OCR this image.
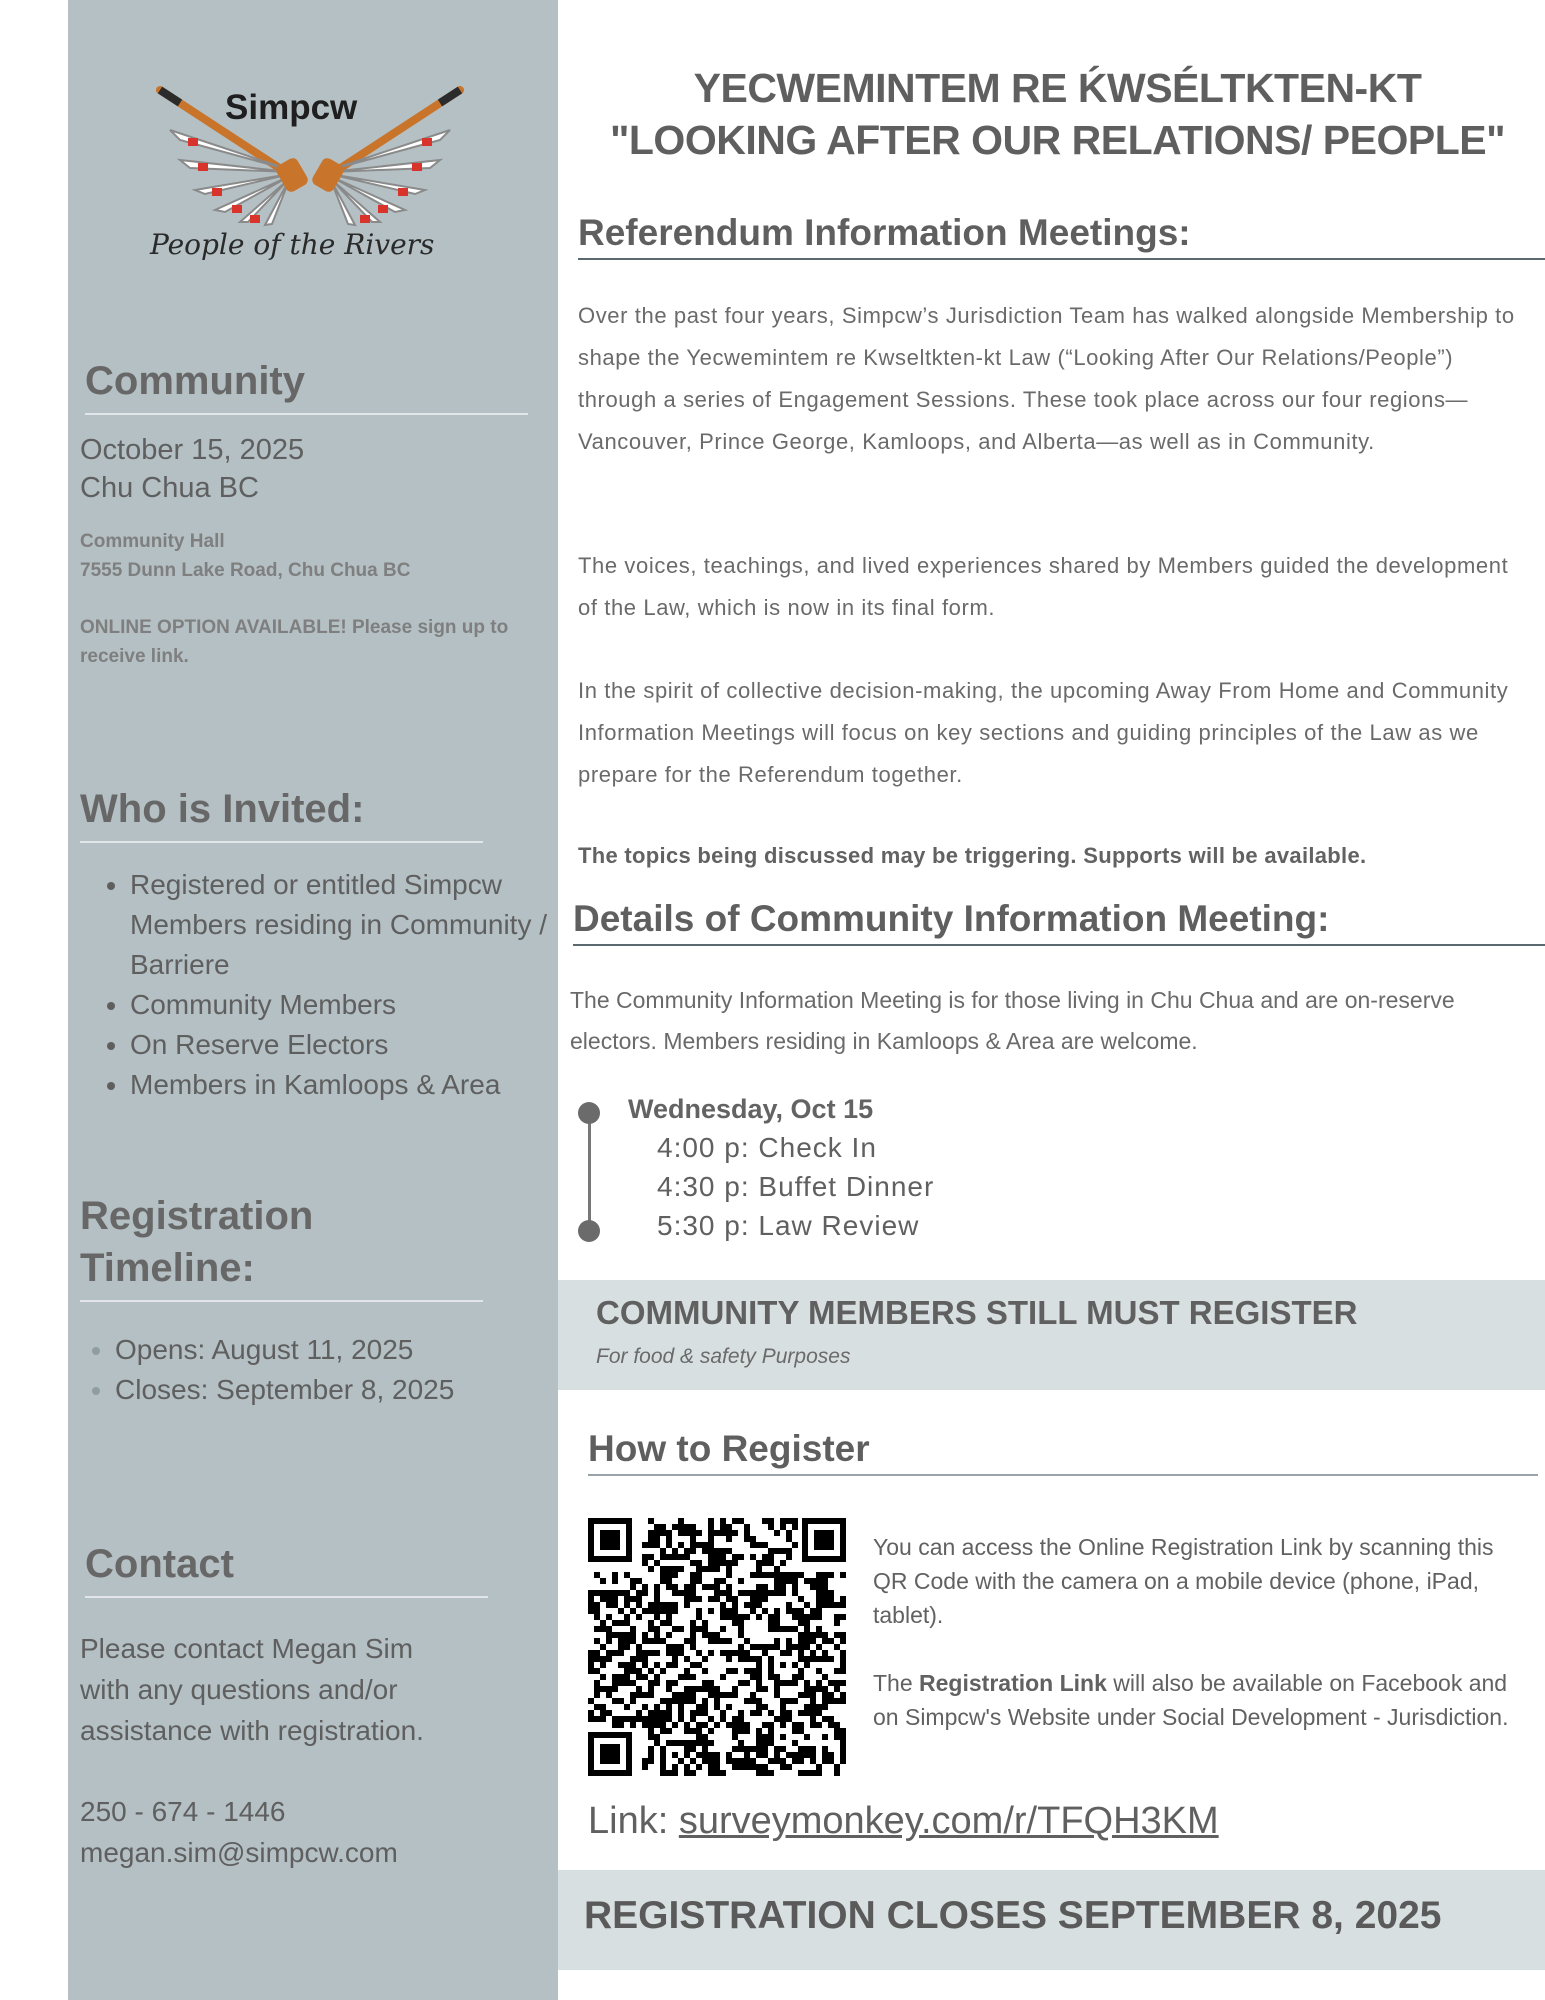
Simpcw
People of the Rivers
Community
October 15, 2025
Chu Chua BC
Community Hall
7555 Dunn Lake Road, Chu Chua BC
ONLINE OPTION AVAILABLE! Please sign up to receive link.
Who is Invited:
• Registered or entitled Simpcw Members residing in Community / Barriere
• Community Members
• On Reserve Electors
• Members in Kamloops & Area
Registration Timeline:
• Opens: August 11, 2025
• Closes: September 8, 2025
Contact
Please contact Megan Sim with any questions and/or assistance with registration.
250 - 674 - 1446
megan.sim@simpcw.com
YECWEMINTEM RE ḰWSÉLTKTEN-KT
"LOOKING AFTER OUR RELATIONS/ PEOPLE"
Referendum Information Meetings:
Over the past four years, Simpcw’s Jurisdiction Team has walked alongside Membership to shape the Yecwemintem re Kwseltkten-kt Law (“Looking After Our Relations/People”) through a series of Engagement Sessions. These took place across our four regions—Vancouver, Prince George, Kamloops, and Alberta—as well as in Community.
The voices, teachings, and lived experiences shared by Members guided the development of the Law, which is now in its final form.
In the spirit of collective decision-making, the upcoming Away From Home and Community Information Meetings will focus on key sections and guiding principles of the Law as we prepare for the Referendum together.
The topics being discussed may be triggering. Supports will be available.
Details of Community Information Meeting:
The Community Information Meeting is for those living in Chu Chua and are on-reserve electors. Members residing in Kamloops & Area are welcome.
Wednesday, Oct 15
4:00 p: Check In
4:30 p: Buffet Dinner
5:30 p: Law Review
COMMUNITY MEMBERS STILL MUST REGISTER
For food & safety Purposes
How to Register
You can access the Online Registration Link by scanning this QR Code with the camera on a mobile device (phone, iPad, tablet).
The Registration Link will also be available on Facebook and on Simpcw's Website under Social Development - Jurisdiction.
Link: surveymonkey.com/r/TFQH3KM
REGISTRATION CLOSES SEPTEMBER 8, 2025
